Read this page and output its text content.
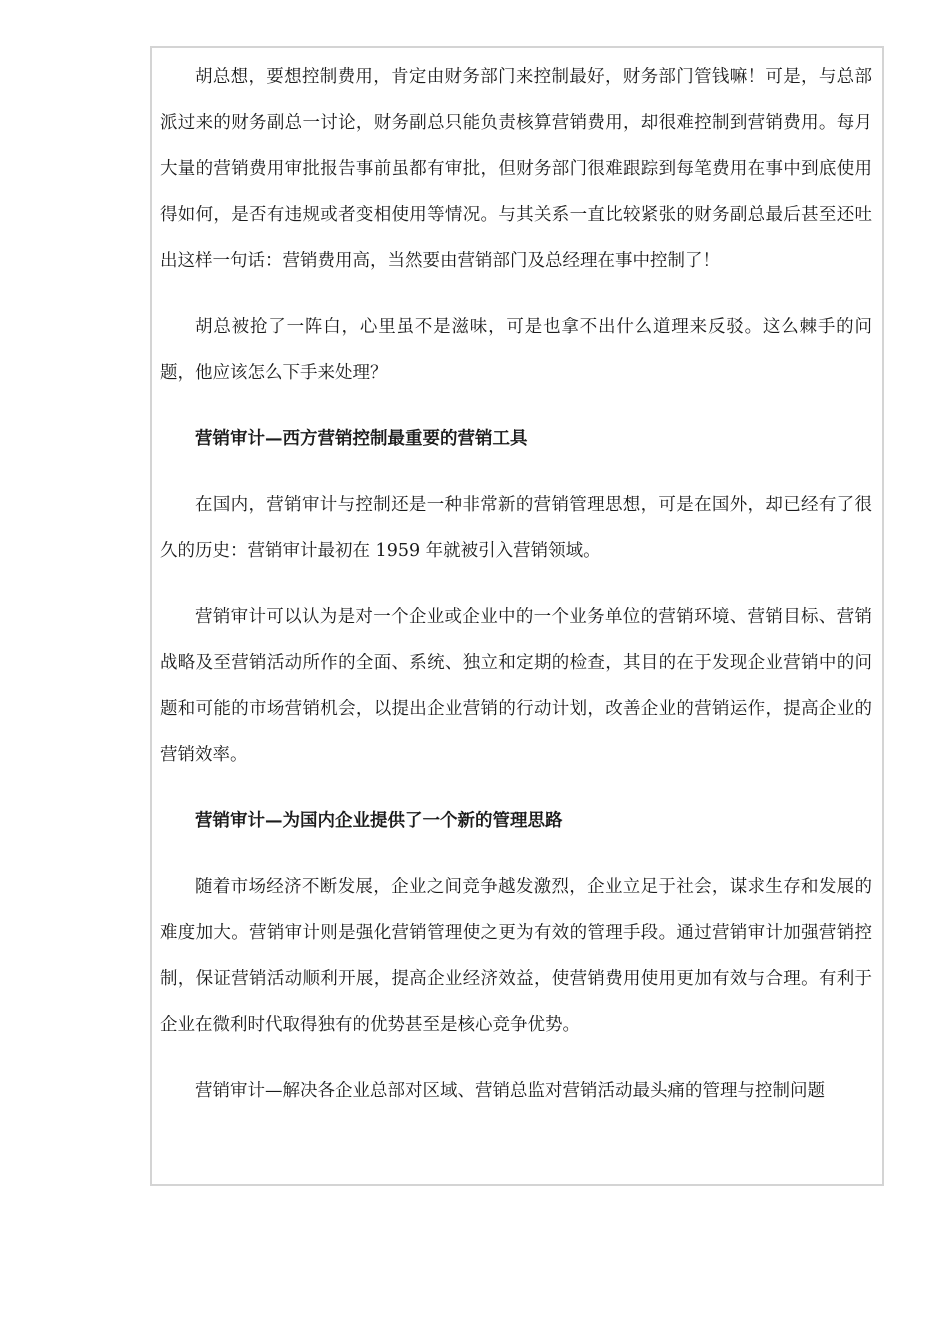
胡总想，要想控制费用，肯定由财务部门来控制最好，财务部门管钱嘛！可是，与总部派过来的财务副总一讨论，财务副总只能负责核算营销费用，却很难控制到营销费用。每月大量的营销费用审批报告事前虽都有审批，但财务部门很难跟踪到每笔费用在事中到底使用得如何，是否有违规或者变相使用等情况。与其关系一直比较紧张的财务副总最后甚至还吐出这样一句话：营销费用高，当然要由营销部门及总经理在事中控制了！

胡总被抢了一阵白，心里虽不是滋味，可是也拿不出什么道理来反驳。这么棘手的问题，他应该怎么下手来处理？

营销审计—西方营销控制最重要的营销工具

在国内，营销审计与控制还是一种非常新的营销管理思想，可是在国外，却已经有了很久的历史：营销审计最初在 1959 年就被引入营销领域。

营销审计可以认为是对一个企业或企业中的一个业务单位的营销环境、营销目标、营销战略及至营销活动所作的全面、系统、独立和定期的检查，其目的在于发现企业营销中的问题和可能的市场营销机会，以提出企业营销的行动计划，改善企业的营销运作，提高企业的营销效率。

营销审计—为国内企业提供了一个新的管理思路

随着市场经济不断发展，企业之间竞争越发激烈，企业立足于社会，谋求生存和发展的难度加大。营销审计则是强化营销管理使之更为有效的管理手段。通过营销审计加强营销控制，保证营销活动顺利开展，提高企业经济效益，使营销费用使用更加有效与合理。有利于企业在微利时代取得独有的优势甚至是核心竞争优势。

营销审计—解决各企业总部对区域、营销总监对营销活动最头痛的管理与控制问题
